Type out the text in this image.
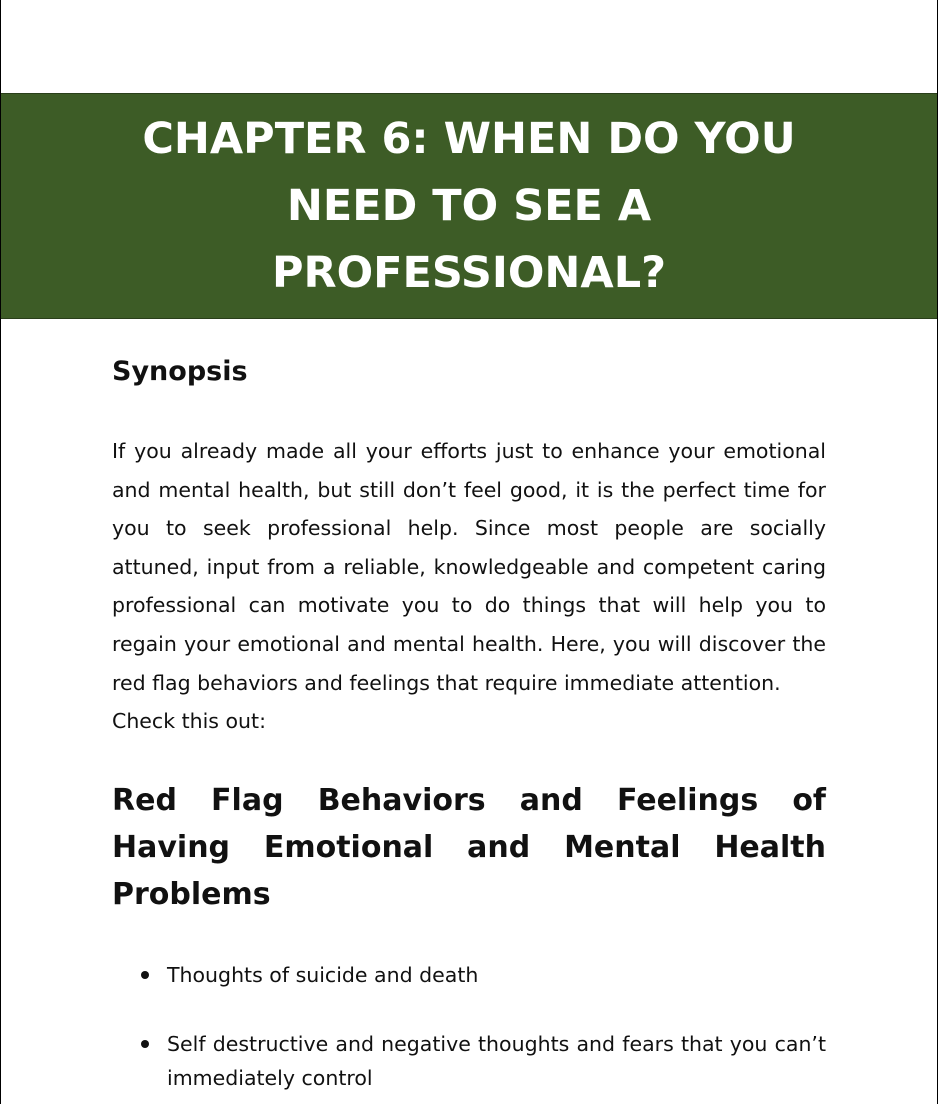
CHAPTER 6: WHEN DO YOU NEED TO SEE A PROFESSIONAL?
Synopsis

If you already made all your efforts just to enhance your emotional and mental health, but still don’t feel good, it is the perfect time for you to seek professional help. Since most people are socially attuned, input from a reliable, knowledgeable and competent caring professional can motivate you to do things that will help you to regain your emotional and mental health. Here, you will discover the red flag behaviors and feelings that require immediate attention.

Check this out:

Red Flag Behaviors and Feelings of Having Emotional and Mental Health Problems
Thoughts of suicide and death
Self destructive and negative thoughts and fears that you can’t immediately control
